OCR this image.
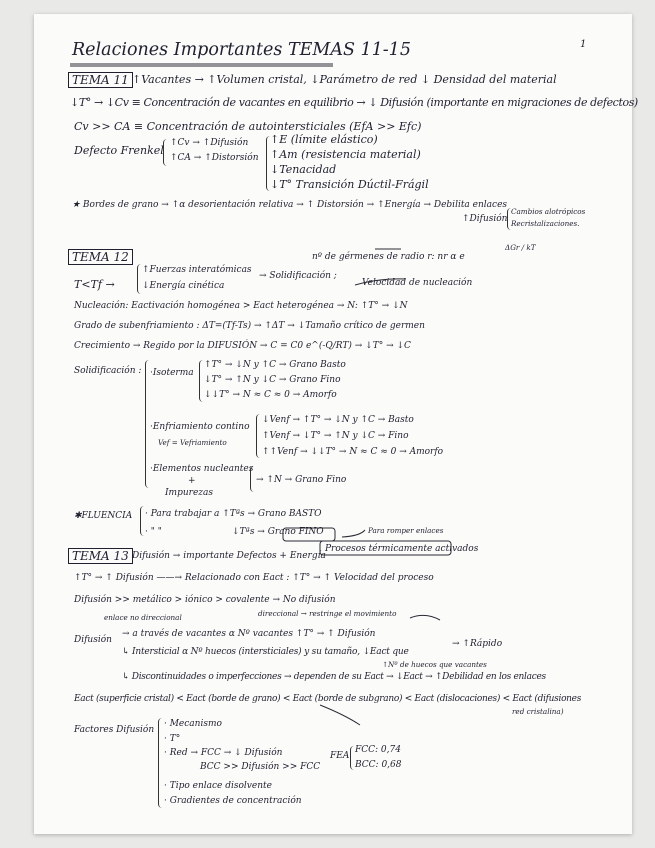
Relaciones Importantes TEMAS 11-15	1
TEMA 11 ↑Vacantes → ↑Volumen cristal, ↓Parámetro de red ↓ Densidad del material
↓T° → ↓Cv ≡ Concentración de vacantes en equilibrio → ↓ Difusión (importante en migraciones de defectos)
Cv >> CA ≡ Concentración de autointersticiales (EfA >> Efc)
Defecto Frenkel
↑Cv → ↑Difusión
↑CA → ↑Distorsión
↑E (límite elástico)
↑Am (resistencia material)
↓Tenacidad
↓T° Transición Dúctil-Frágil
★ Bordes de grano → ↑α desorientación relativa → ↑ Distorsión → ↑Energía → Debilita enlaces
↑Difusión
Cambios alotrópicos
Recristalizaciones.
TEMA 12	nº de gérmenes de radio r: nr α e
ΔGr / kT
T<Tf →
↑Fuerzas interatómicas
↓Energía cinética
→ Solidificación ;
Velocidad de nucleación
Nucleación: Eactivación homogénea > Eact heterogénea → N: ↑T° → ↓N
Grado de subenfriamiento : ΔT=(Tf-Ts) → ↑ΔT → ↓Tamaño crítico de germen
Crecimiento → Regido por la DIFUSIÓN → C = C0 e^(-Q/RT) → ↓T° → ↓C
Solidificación : ·Isoterma
↑T° → ↓N y ↑C → Grano Basto
↓T° → ↑N y ↓C → Grano Fino
↓↓T° → N ≈ C ≈ 0 → Amorfo
·Enfriamiento contino
Vef = Vefriamiento
↓Venf → ↑T° → ↓N y ↑C → Basto
↑Venf → ↓T° → ↑N y ↓C → Fino
↑↑Venf → ↓↓T° → N ≈ C ≈ 0 → Amorfo
·Elementos nucleantes
+
Impurezas
→ ↑N → Grano Fino
✱FLUENCIA · Para trabajar a ↑Tªs → Grano BASTO
· " "	↓Tªs → Grano FINO	Para romper enlaces
TEMA 13 Difusión → importante Defectos + Energía
Procesos térmicamente activados
↑T° → ↑ Difusión ——→ Relacionado con Eact : ↑T° → ↑ Velocidad del proceso
Difusión >> metálico > iónico > covalente → No difusión
enlace no direccional	direccional → restringe el movimiento
Difusión
→ a través de vacantes α Nº vacantes ↑T° → ↑ Difusión
↳ Intersticial α Nº huecos (intersticiales) y su tamaño, ↓Eact que
→ ↑Rápido
↑Nº de huecos que vacantes
↳ Discontinuidades o imperfecciones → dependen de su Eact → ↓Eact → ↑Debilidad en los enlaces
Eact (superficie cristal) < Eact (borde de grano) < Eact (borde de subgrano) < Eact (dislocaciones) < Eact (difusiones
red cristalina)
Factores Difusión
· Mecanismo
· T°
· Red → FCC → ↓ Difusión
BCC >> Difusión >> FCC
FEA
FCC: 0,74
BCC: 0,68
· Tipo enlace disolvente
· Gradientes de concentración
